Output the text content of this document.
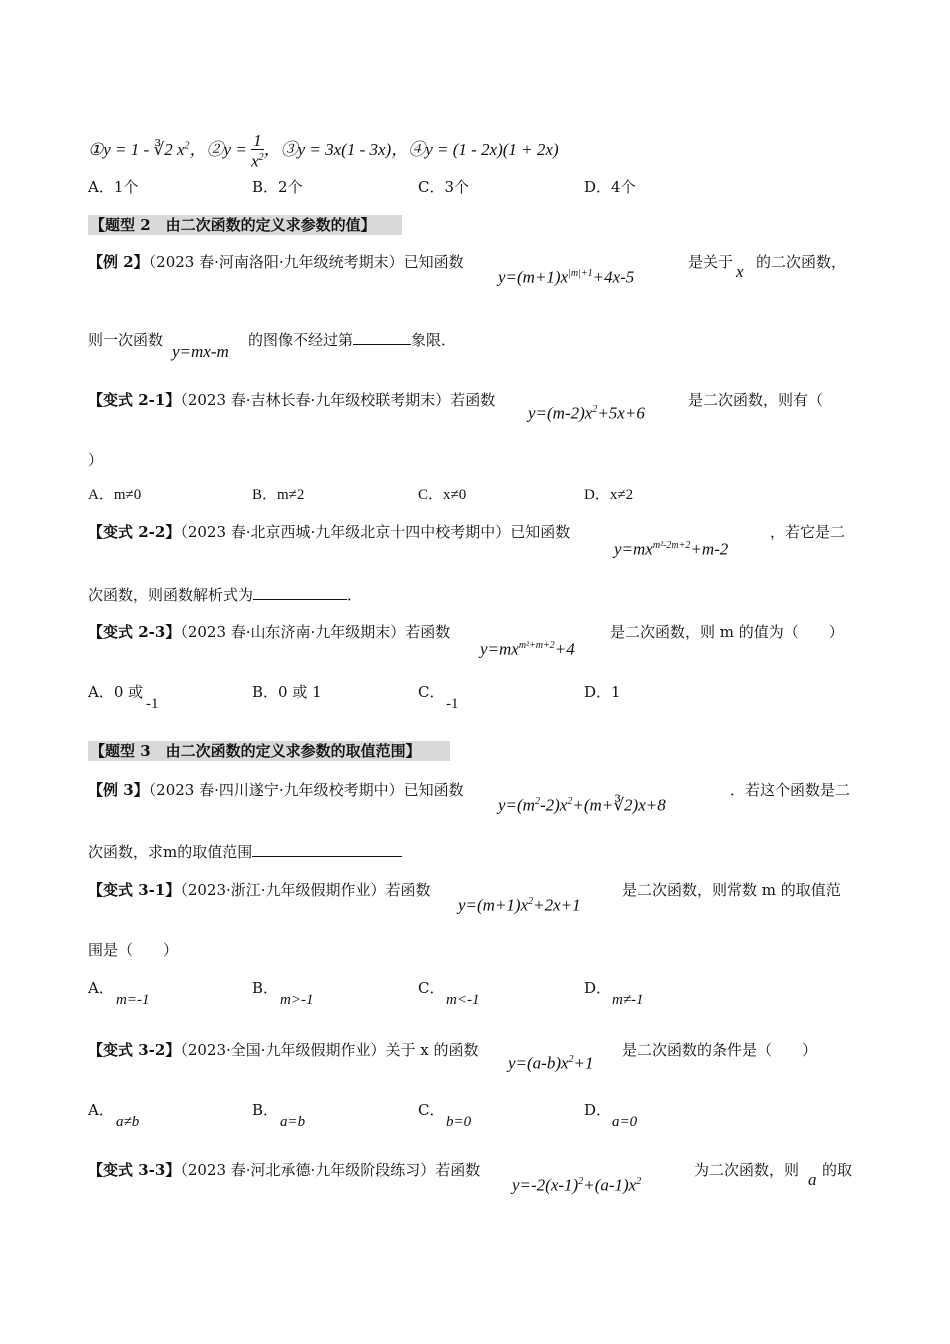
①y = 1 - ∛2 $x^2$，②y = $\frac{1}{x^2}$ ，③y = 3x(1 - 3x)，④y = (1 - 2x)(1 + 2x)
A．1个	B．2个	C．3个	D．4个
【题型 2　由二次函数的定义求参数的值】
【例 2】（2023 春·河南洛阳·九年级统考期末）已知函数
$y=(m+1)x^{|m|+1}+4x-5$
是关于 x 的二次函数，
则一次函数
y=mx-m
的图像不经过第	象限．
【变式 2-1】（2023 春·吉林长春·九年级校联考期末）若函数
$y=(m-2)x^2+5x+6$
是二次函数，则有（
）
A．m≠0	B．m≠2	C．x≠0	D．x≠2
【变式 2-2】（2023 春·北京西城·九年级北京十四中校考期中）已知函数
$y=mx^{m^2-2m+2}+m-2$
，若它是二
次函数，则函数解析式为	．
【变式 2-3】（2023 春·山东济南·九年级期末）若函数
$y=mx^{m^2+m+2}+4$
是二次函数，则 m 的值为（　　）
A．0 或
-1
B．0 或 1	C．
-1
D．1
【题型 3　由二次函数的定义求参数的取值范围】
【例 3】（2023 春·四川遂宁·九年级校考期中）已知函数
$y=(m^2-2)x^2+(m+∛2)x+8$
．若这个函数是二
次函数，求m的取值范围
【变式 3-1】（2023·浙江·九年级假期作业）若函数
$y=(m+1)x^2+2x+1$
是二次函数，则常数 m 的取值范
围是（　　）
A．
m=-1
B．
m>-1
C．
m<-1
D．
m≠-1
【变式 3-2】（2023·全国·九年级假期作业）关于 x 的函数
$y=(a-b)x^2+1$
是二次函数的条件是（　　）
A．
a≠b
B．
a=b
C．
b=0
D．
a=0
【变式 3-3】（2023 春·河北承德·九年级阶段练习）若函数
$y=-2(x-1)^2+(a-1)x^2$
为二次函数，则 a 的取
